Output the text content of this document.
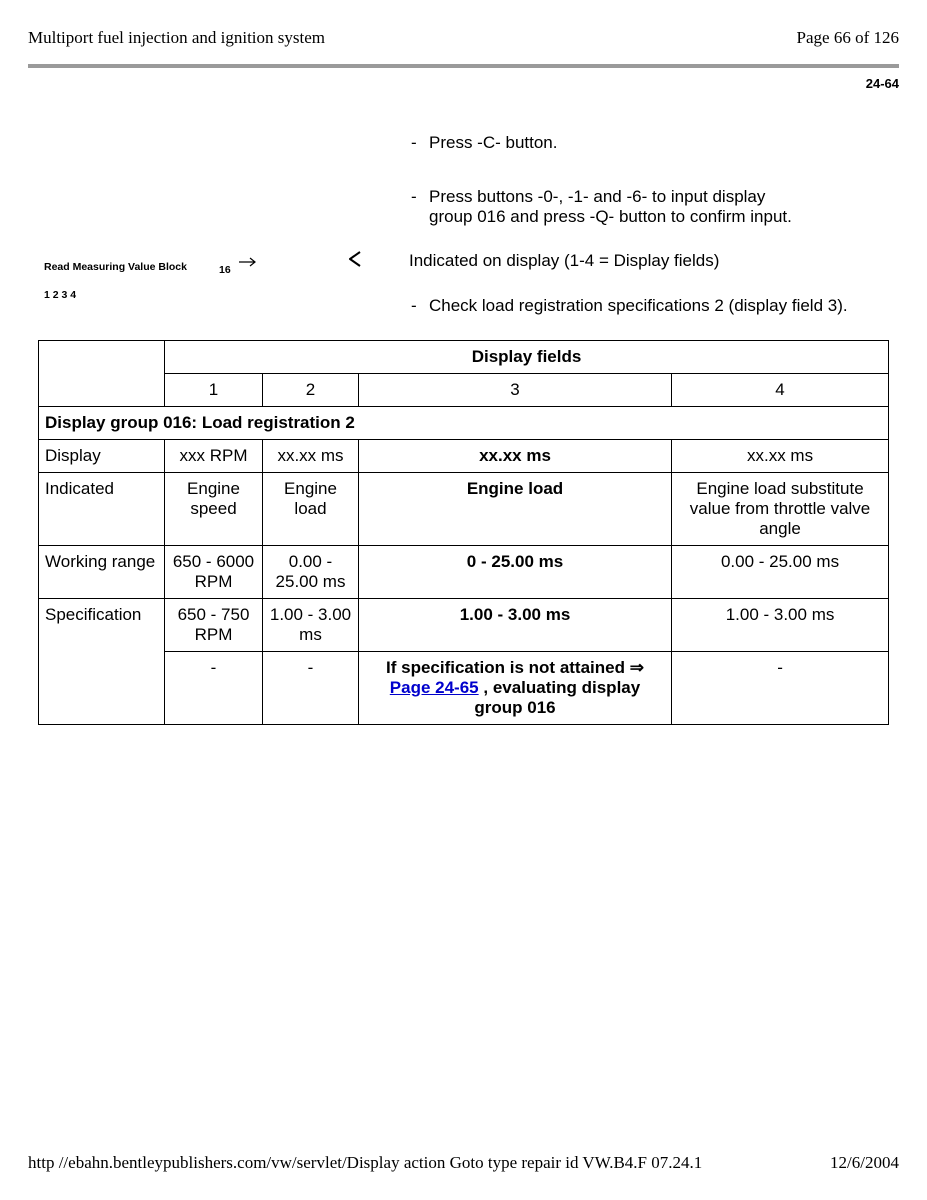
Multiport fuel injection and ignition system	Page 66 of 126
24-64
- Press -C- button.
- Press buttons -0-, -1- and -6- to input display
group 016 and press -Q- button to confirm input.
Read Measuring Value Block	16
1 2 3 4
Indicated on display (1-4 = Display fields)
- Check load registration specifications 2 (display field 3).
	Display fields			
	1	2	3	4
Display group 016: Load registration 2				
Display	xxx RPM	xx.xx ms	xx.xx ms	xx.xx ms
Indicated	Engine speed	Engine load	Engine load	Engine load substitute value from throttle valve angle
Working range	650 - 6000 RPM	0.00 - 25.00 ms	0 - 25.00 ms	0.00 - 25.00 ms
Specification	650 - 750 RPM	1.00 - 3.00 ms	1.00 - 3.00 ms	1.00 - 3.00 ms
	-	-	If specification is not attained ⇒ Page 24-65 , evaluating display group 016	-
http //ebahn.bentleypublishers.com/vw/servlet/Display action Goto type repair id VW.B4.F 07.24.1	12/6/2004
